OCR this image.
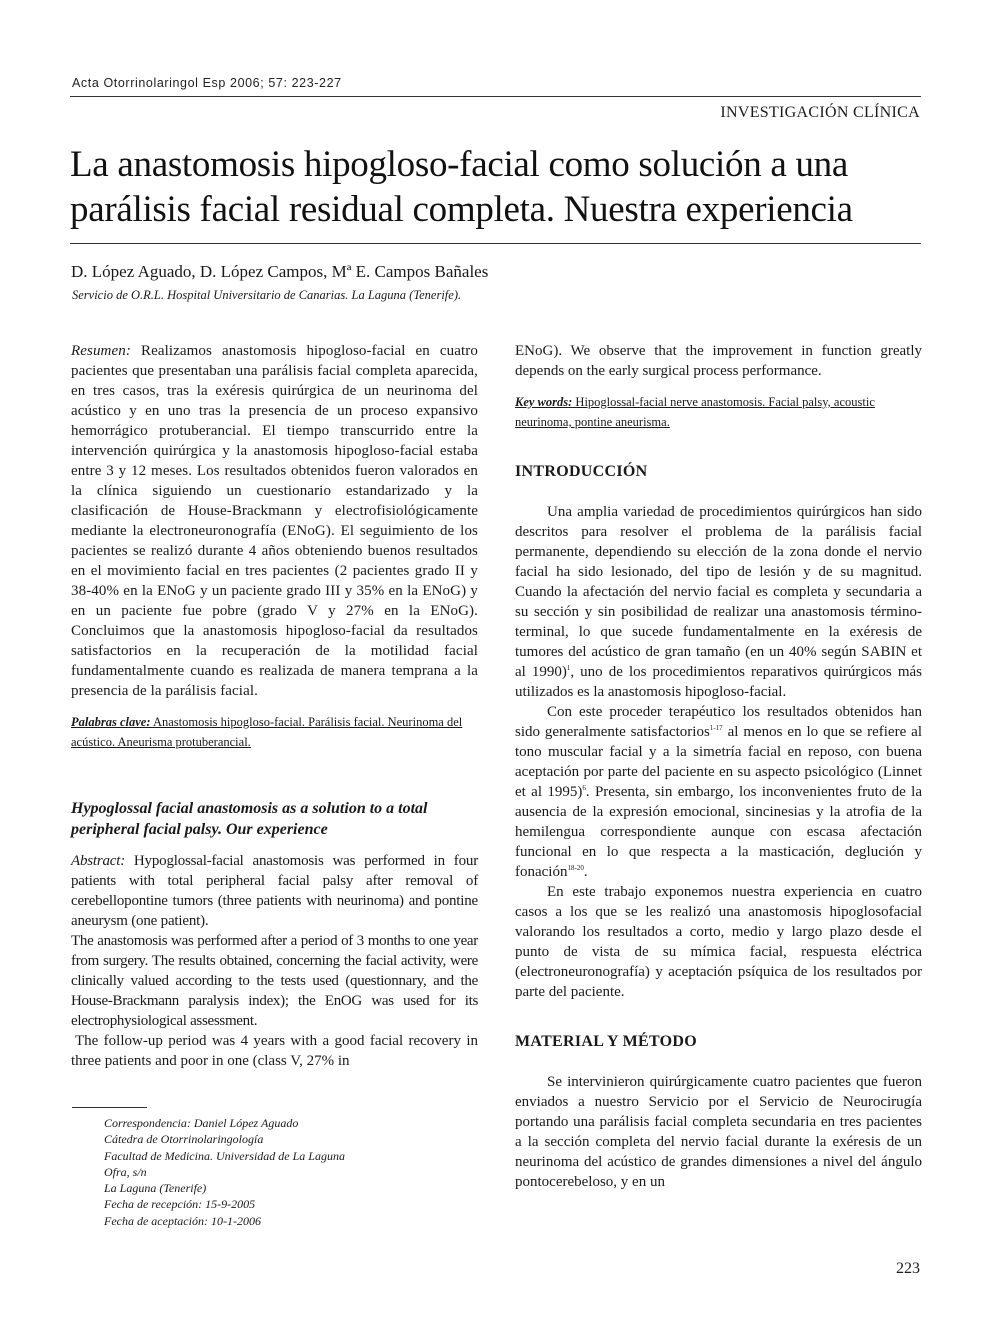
Acta Otorrinolaringol Esp 2006; 57: 223-227
INVESTIGACIÓN CLÍNICA
La anastomosis hipogloso-facial como solución a una parálisis facial residual completa. Nuestra experiencia
D. López Aguado, D. López Campos, Mª E. Campos Bañales
Servicio de O.R.L. Hospital Universitario de Canarias. La Laguna (Tenerife).

Resumen: Realizamos anastomosis hipogloso-facial en cuatro pacientes que presentaban una parálisis facial completa aparecida, en tres casos, tras la exéresis quirúrgica de un neurinoma del acústico y en uno tras la presencia de un proceso expansivo hemorrágico protuberancial. El tiempo transcurrido entre la intervención quirúrgica y la anastomosis hipogloso-facial estaba entre 3 y 12 meses. Los resultados obtenidos fueron valorados en la clínica siguiendo un cuestionario estandarizado y la clasificación de House-Brackmann y electrofisiológicamente mediante la electroneuronografía (ENoG). El seguimiento de los pacientes se realizó durante 4 años obteniendo buenos resultados en el movimiento facial en tres pacientes (2 pacientes grado II y 38-40% en la ENoG y un paciente grado III y 35% en la ENoG) y en un paciente fue pobre (grado V y 27% en la ENoG). Concluimos que la anastomosis hipogloso-facial da resultados satisfactorios en la recuperación de la motilidad facial fundamentalmente cuando es realizada de manera temprana a la presencia de la parálisis facial.

Palabras clave: Anastomosis hipogloso-facial. Parálisis facial. Neurinoma del acústico. Aneurisma protuberancial.

Hypoglossal facial anastomosis as a solution to a total peripheral facial palsy. Our experience

Abstract: Hypoglossal-facial anastomosis was performed in four patients with total peripheral facial palsy after removal of cerebellopontine tumors (three patients with neurinoma) and pontine aneurysm (one patient).

The anastomosis was performed after a period of 3 months to one year from surgery. The results obtained, concerning the facial activity, were clinically valued according to the tests used (questionnary, and the House-Brackmann paralysis index); the EnOG was used for its electrophysiological assessment.

The follow-up period was 4 years with a good facial recovery in three patients and poor in one (class V, 27% in

Correspondencia: Daniel López Aguado
Cátedra de Otorrinolaringología
Facultad de Medicina. Universidad de La Laguna
Ofra, s/n
La Laguna (Tenerife)
Fecha de recepción: 15-9-2005
Fecha de aceptación: 10-1-2006

ENoG). We observe that the improvement in function greatly depends on the early surgical process performance.

Key words: Hipoglossal-facial nerve anastomosis. Facial palsy, acoustic neurinoma, pontine aneurisma.

INTRODUCCIÓN

Una amplia variedad de procedimientos quirúrgicos han sido descritos para resolver el problema de la parálisis facial permanente, dependiendo su elección de la zona donde el nervio facial ha sido lesionado, del tipo de lesión y de su magnitud. Cuando la afectación del nervio facial es completa y secundaria a su sección y sin posibilidad de realizar una anastomosis término-terminal, lo que sucede fundamentalmente en la exéresis de tumores del acústico de gran tamaño (en un 40% según SABIN et al 1990)$^1$, uno de los procedimientos reparativos quirúrgicos más utilizados es la anastomosis hipogloso-facial.

Con este proceder terapéutico los resultados obtenidos han sido generalmente satisfactorios$^{1-17}$ al menos en lo que se refiere al tono muscular facial y a la simetría facial en reposo, con buena aceptación por parte del paciente en su aspecto psicológico (Linnet et al 1995)$^6$. Presenta, sin embargo, los inconvenientes fruto de la ausencia de la expresión emocional, sincinesias y la atrofia de la hemilengua correspondiente aunque con escasa afectación funcional en lo que respecta a la masticación, deglución y fonación$^{18-20}$.

En este trabajo exponemos nuestra experiencia en cuatro casos a los que se les realizó una anastomosis hipoglosofacial valorando los resultados a corto, medio y largo plazo desde el punto de vista de su mímica facial, respuesta eléctrica (electroneuronografía) y aceptación psíquica de los resultados por parte del paciente.

MATERIAL Y MÉTODO

Se intervinieron quirúrgicamente cuatro pacientes que fueron enviados a nuestro Servicio por el Servicio de Neurocirugía portando una parálisis facial completa secundaria en tres pacientes a la sección completa del nervio facial durante la exéresis de un neurinoma del acústico de grandes dimensiones a nivel del ángulo pontocerebeloso, y en un

223
